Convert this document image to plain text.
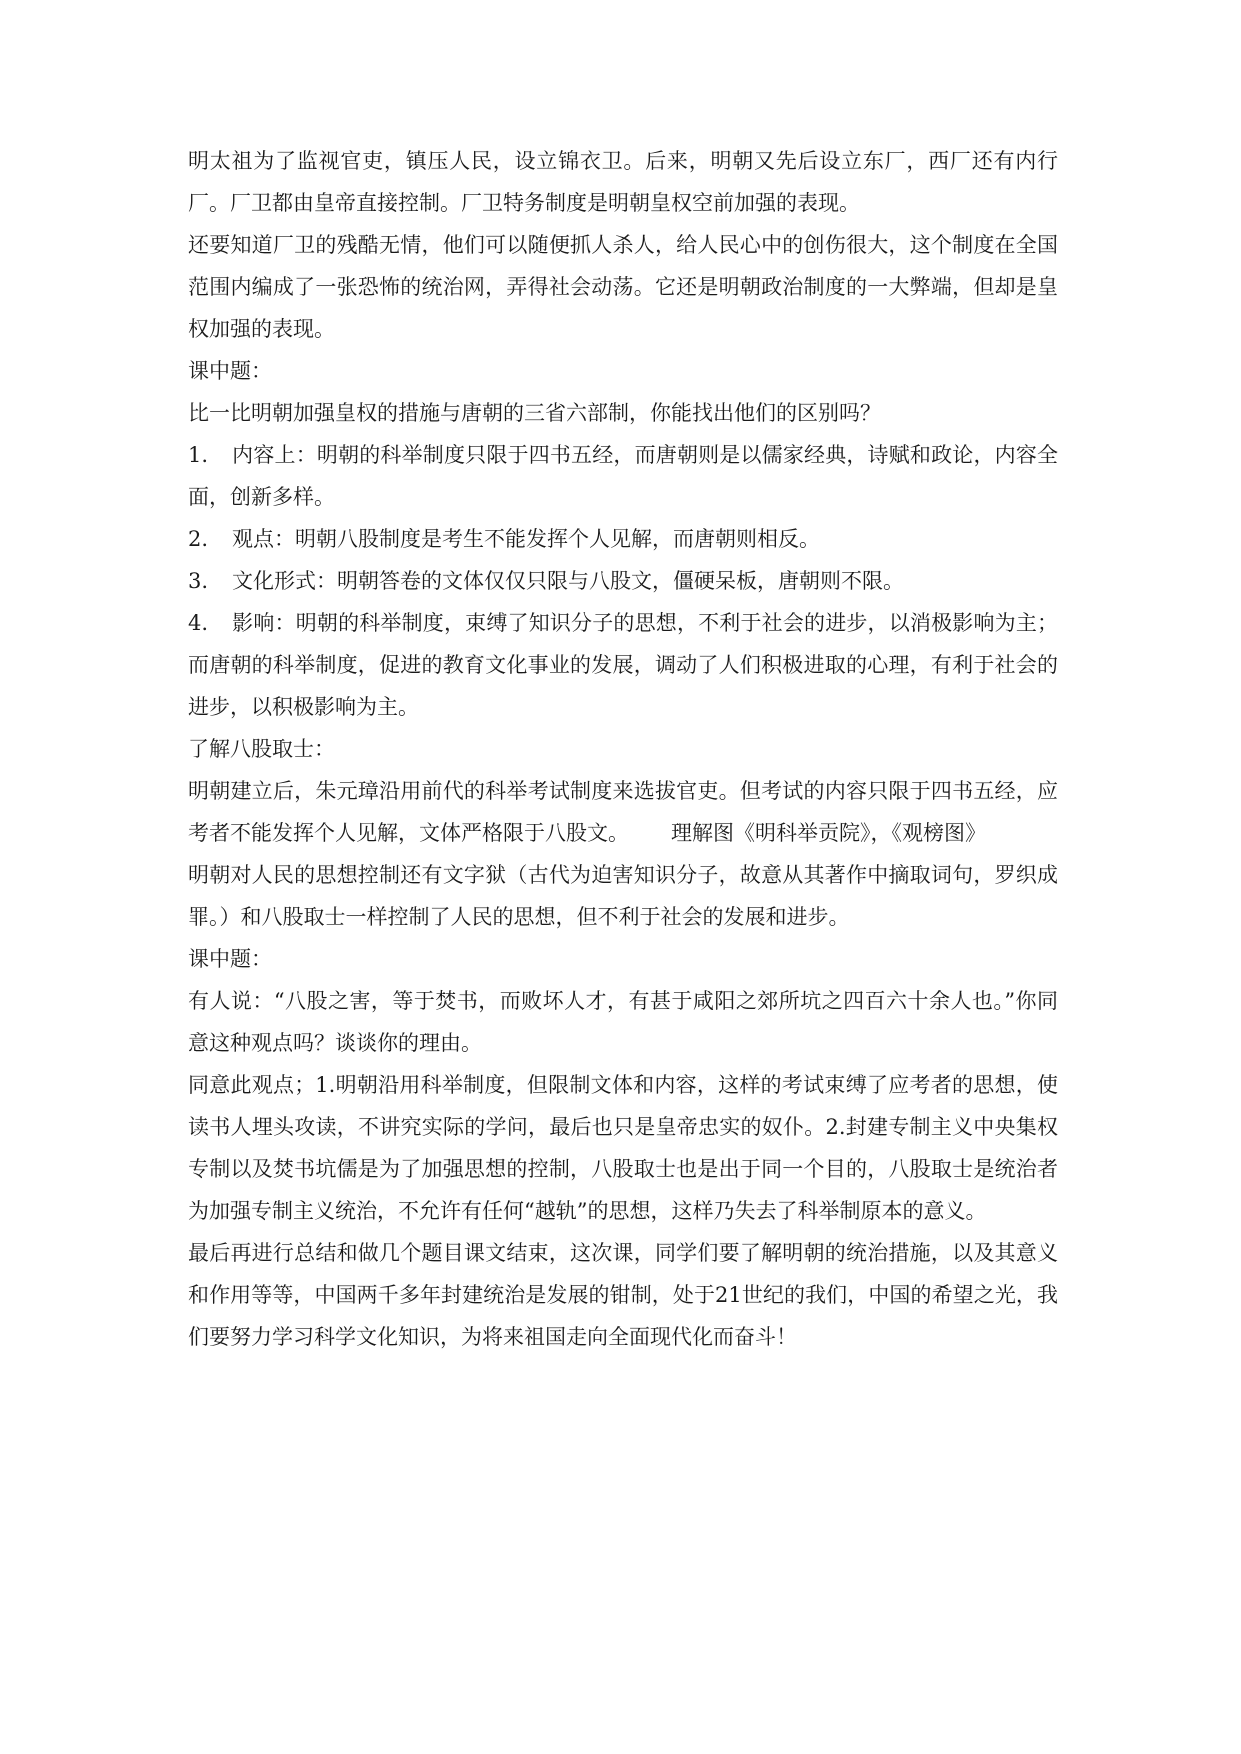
明太祖为了监视官吏，镇压人民，设立锦衣卫。后来，明朝又先后设立东厂，西厂还有内行厂。厂卫都由皇帝直接控制。厂卫特务制度是明朝皇权空前加强的表现。

还要知道厂卫的残酷无情，他们可以随便抓人杀人，给人民心中的创伤很大，这个制度在全国范围内编成了一张恐怖的统治网，弄得社会动荡。它还是明朝政治制度的一大弊端，但却是皇权加强的表现。

课中题：

比一比明朝加强皇权的措施与唐朝的三省六部制，你能找出他们的区别吗？

1. 内容上：明朝的科举制度只限于四书五经，而唐朝则是以儒家经典，诗赋和政论，内容全面，创新多样。
2. 观点：明朝八股制度是考生不能发挥个人见解，而唐朝则相反。
3. 文化形式：明朝答卷的文体仅仅只限与八股文，僵硬呆板，唐朝则不限。
4. 影响：明朝的科举制度，束缚了知识分子的思想，不利于社会的进步，以消极影响为主；而唐朝的科举制度，促进的教育文化事业的发展，调动了人们积极进取的心理，有利于社会的进步，以积极影响为主。

了解八股取士：

明朝建立后，朱元璋沿用前代的科举考试制度来选拔官吏。但考试的内容只限于四书五经，应考者不能发挥个人见解，文体严格限于八股文。 理解图《明科举贡院》，《观榜图》

明朝对人民的思想控制还有文字狱（古代为迫害知识分子，故意从其著作中摘取词句，罗织成罪。）和八股取士一样控制了人民的思想，但不利于社会的发展和进步。

课中题：

有人说：“八股之害，等于焚书，而败坏人才，有甚于咸阳之郊所坑之四百六十余人也。”你同意这种观点吗？谈谈你的理由。

同意此观点；1.明朝沿用科举制度，但限制文体和内容，这样的考试束缚了应考者的思想，使读书人埋头攻读，不讲究实际的学问，最后也只是皇帝忠实的奴仆。2.封建专制主义中央集权专制以及焚书坑儒是为了加强思想的控制，八股取士也是出于同一个目的，八股取士是统治者为加强专制主义统治，不允许有任何“越轨”的思想，这样乃失去了科举制原本的意义。

最后再进行总结和做几个题目课文结束，这次课，同学们要了解明朝的统治措施，以及其意义和作用等等，中国两千多年封建统治是发展的钳制，处于21世纪的我们，中国的希望之光，我们要努力学习科学文化知识，为将来祖国走向全面现代化而奋斗！
